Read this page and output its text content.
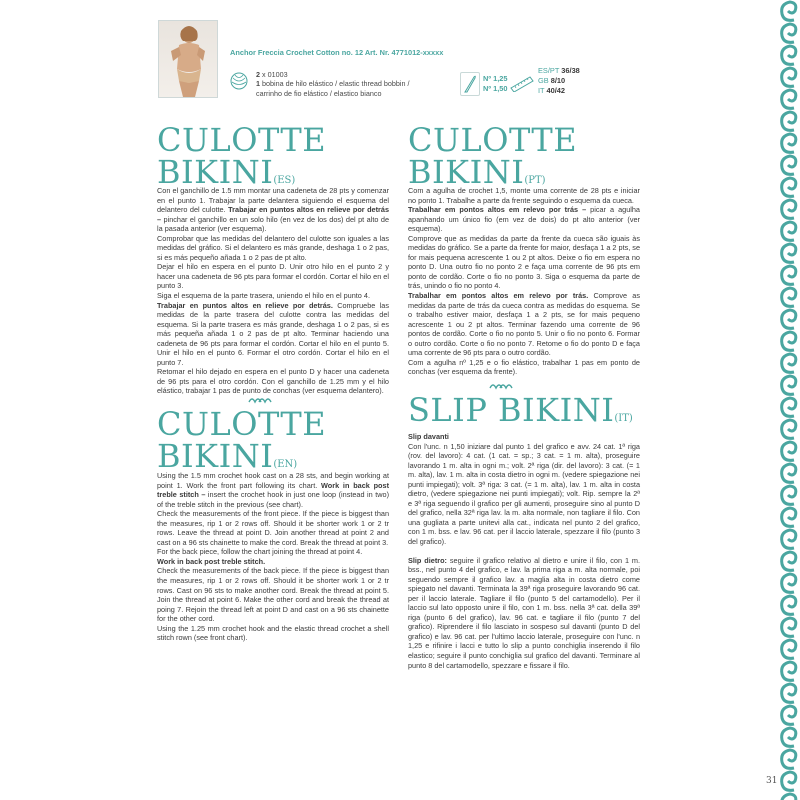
Anchor Freccia Crochet Cotton no. 12 Art. Nr. 4771012-xxxxx
2 x 01003
1 bobina de hilo elástico / elastic thread bobbin /
carrinho de fio elástico / elastico bianco
Nº 1,25
Nº 1,50
ES/PT 36/38
GB 8/10
IT 40/42
CULOTTE
BIKINI(ES)

Con el ganchillo de 1.5 mm montar una cadeneta de 28 pts y comenzar en el punto 1. Trabajar la parte delantera siguiendo el esquema del delantero del culotte. Trabajar en puntos altos en relieve por detrás – pinchar el ganchillo en un solo hilo (en vez de los dos) del pt alto de la pasada anterior (ver esquema).

Comprobar que las medidas del delantero del culotte son iguales a las medidas del gráfico. Si el delantero es más grande, deshaga 1 o 2 pas, si es más pequeño añada 1 o 2 pas de pt alto.

Dejar el hilo en espera en el punto D. Unir otro hilo en el punto 2 y hacer una cadeneta de 96 pts para formar el cordón. Cortar el hilo en el punto 3.

Siga el esquema de la parte trasera, uniendo el hilo en el punto 4.

Trabajar en puntos altos en relieve por detrás. Compruebe las medidas de la parte trasera del culotte contra las medidas del esquema. Si la parte trasera es más grande, deshaga 1 o 2 pas, si es más pequeña añada 1 o 2 pas de pt alto. Terminar haciendo una cadeneta de 96 pts para formar el cordón. Cortar el hilo en el punto 5. Unir el hilo en el punto 6. Formar el otro cordón. Cortar el hilo en el punto 7.

Retomar el hilo dejado en espera en el punto D y hacer una cadeneta de 96 pts para el otro cordón. Con el ganchillo de 1.25 mm y el hilo elástico, trabajar 1 pas de punto de conchas (ver esquema delantero).

CULOTTE
BIKINI(EN)

Using the 1.5 mm crochet hook cast on a 28 sts, and begin working at point 1. Work the front part following its chart. Work in back post treble stitch – insert the crochet hook in just one loop (instead in two) of the treble stitch in the previous (see chart).

Check the measurements of the front piece. If the piece is biggest than the measures, rip 1 or 2 rows off. Should it be shorter work 1 or 2 tr rows. Leave the thread at point D. Join another thread at point 2 and cast on a 96 sts chainette to make the cord. Break the thread at point 3.

For the back piece, follow the chart joining the thread at point 4.

Work in back post treble stitch.

Check the measurements of the back piece. If the piece is biggest than the measures, rip 1 or 2 rows off. Should it be shorter work 1 or 2 tr rows. Cast on 96 sts to make another cord. Break the thread at point 5. Join the thread at point 6. Make the other cord and break the thread at poing 7. Rejoin the thread left at point D and cast on a 96 sts chainette for the other cord.

Using the 1.25 mm crochet hook and the elastic thread crochet a shell stitch rown (see front chart).

CULOTTE
BIKINI(PT)

Com a agulha de crochet 1,5, monte uma corrente de 28 pts e iniciar no ponto 1. Trabalhe a parte da frente seguindo o esquema da cueca.

Trabalhar em pontos altos em relevo por trás – picar a agulha apanhando um único fio (em vez de dois) do pt alto anterior (ver esquema).

Comprove que as medidas da parte da frente da cueca são iguais às medidas do gráfico. Se a parte da frente for maior, desfaça 1 a 2 pts, se for mais pequena acrescente 1 ou 2 pt altos. Deixe o fio em espera no ponto D. Una outro fio no ponto 2 e faça uma corrente de 96 pts em ponto de cordão. Corte o fio no ponto 3. Siga o esquema da parte de trás, unindo o fio no ponto 4.

Trabalhar em pontos altos em relevo por trás. Comprove as medidas da parte de trás da cueca contra as medidas do esquema. Se o trabalho estiver maior, desfaça 1 a 2 pts, se for mais pequeno acrescente 1 ou 2 pt altos. Terminar fazendo uma corrente de 96 pontos de cordão. Corte o fio no ponto 5. Unir o fio no ponto 6. Formar o outro cordão. Corte o fio no ponto 7. Retome o fio do ponto D e faça uma corrente de 96 pts para o outro cordão.

Com a agulha nº 1,25 e o fio elástico, trabalhar 1 pas em ponto de conchas (ver esquema da frente).

SLIP BIKINI(IT)

Slip davanti

Con l'unc. n 1,50 iniziare dal punto 1 del grafico e avv. 24 cat. 1ª riga (rov. del lavoro): 4 cat. (1 cat. = sp.; 3 cat. = 1 m. alta), proseguire lavorando 1 m. alta in ogni m.; volt. 2ª riga (dir. del lavoro): 3 cat. (= 1 m. alta), lav. 1 m. alta in costa dietro in ogni m. (vedere spiegazione nei punti impiegati); volt. 3ª riga: 3 cat. (= 1 m. alta), lav. 1 m. alta in costa dietro, (vedere spiegazione nei punti impiegati); volt. Rip. sempre la 2ª e 3ª riga seguendo il grafico per gli aumenti, proseguire sino al punto D del grafico, nella 32ª riga lav. la m. alta normale, non tagliare il filo. Con una gugliata a parte unitevi alla cat., indicata nel punto 2 del grafico, con 1 m. bss. e lav. 96 cat. per il laccio laterale, spezzare il filo (punto 3 del grafico).

Slip dietro: seguire il grafico relativo al dietro e unire il filo, con 1 m. bss., nel punto 4 del grafico, e lav. la prima riga a m. alta normale, poi seguendo sempre il grafico lav. a maglia alta in costa dietro come spiegato nel davanti. Terminata la 39ª riga proseguire lavorando 96 cat. per il laccio laterale. Tagliare il filo (punto 5 del cartamodello). Per il laccio sul lato opposto unire il filo, con 1 m. bss. nella 3ª cat. della 39ª riga (punto 6 del grafico), lav. 96 cat. e tagliare il filo (punto 7 del grafico). Riprendere il filo lasciato in sospeso sul davanti (punto D del grafico) e lav. 96 cat. per l'ultimo laccio laterale, proseguire con l'unc. n 1,25 e rifinire i lacci e tutto lo slip a punto conchiglia inserendo il filo elastico; seguire il punto conchiglia sul grafico del davanti. Terminare al punto 8 del cartamodello, spezzare e fissare il filo.

31
